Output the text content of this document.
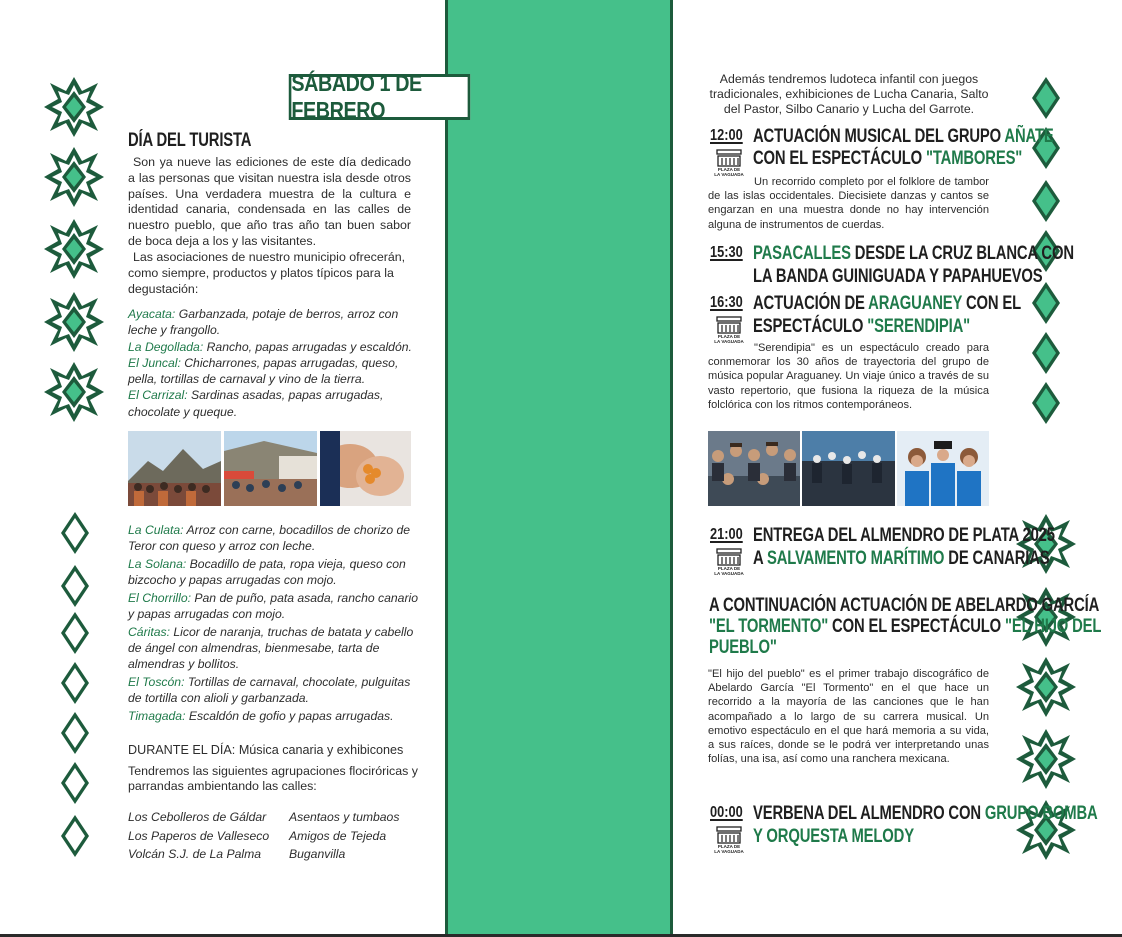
SÁBADO 1 DE FEBRERO
DÍA DEL TURISTA
Son ya nueve las ediciones de este día dedicado a las personas que visitan nuestra isla desde otros países. Una verdadera muestra de la cultura e identidad canaria, condensada en las calles de nuestro pueblo, que año tras año tan buen sabor de boca deja a los y las visitantes.
Las asociaciones de nuestro municipio ofrecerán, como siempre, productos y platos típicos para la degustación:
Ayacata: Garbanzada, potaje de berros, arroz con leche y frangollo.
La Degollada: Rancho, papas arrugadas y escaldón.
El Juncal: Chicharrones, papas arrugadas, queso, pella, tortillas de carnaval y vino de la tierra.
El Carrizal: Sardinas asadas, papas arrugadas, chocolate y queque.
La Culata: Arroz con carne, bocadillos de chorizo de Teror con queso y arroz con leche.
La Solana: Bocadillo de pata, ropa vieja, queso con bizcocho y papas arrugadas con mojo.
El Chorrillo: Pan de puño, pata asada, rancho canario y papas arrugadas con mojo.
Cáritas: Licor de naranja, truchas de batata y cabello de ángel con almendras, bienmesabe, tarta de almendras y bollitos.
El Toscón: Tortillas de carnaval, chocolate, pulguitas de tortilla con alioli y garbanzada.
Timagada: Escaldón de gofio y papas arrugadas.
DURANTE EL DÍA: Música canaria y exhibicones
Tendremos las siguientes agrupaciones flociróricas y parrandas ambientando las calles:
Los Cebolleros de Gáldar
Los Paperos de Valleseco
Volcán S.J. de La Palma
Asentaos y tumbaos
Amigos de Tejeda
Buganvilla
Además tendremos ludoteca infantil con juegos tradicionales, exhibiciones de Lucha Canaria, Salto del Pastor, Silbo Canario y Lucha del Garrote.
12:00
PLAZA DE
LA VAGUADA
ACTUACIÓN MUSICAL DEL GRUPO AÑATE
CON EL ESPECTÁCULO "TAMBORES"
Un recorrido completo por el folklore de tambor de las islas occidentales. Diecisiete danzas y cantos se engarzan en una muestra donde no hay intervención alguna de instrumentos de cuerdas.
15:30 PASACALLES DESDE LA CRUZ BLANCA CON
LA BANDA GUINIGUADA Y PAPAHUEVOS
16:30
PLAZA DE
LA VAGUADA
ACTUACIÓN DE ARAGUANEY CON EL
ESPECTÁCULO "SERENDIPIA"
"Serendipia" es un espectáculo creado para conmemorar los 30 años de trayectoria del grupo de música popular Araguaney. Un viaje único a través de su vasto repertorio, que fusiona la riqueza de la música folclórica con los ritmos contemporáneos.
21:00
PLAZA DE
LA VAGUADA
ENTREGA DEL ALMENDRO DE PLATA 2025
A SALVAMENTO MARÍTIMO DE CANARIAS
A CONTINUACIÓN ACTUACIÓN DE ABELARDO GARCÍA
"EL TORMENTO" CON EL ESPECTÁCULO "EL HIJO DEL
PUEBLO"
"El hijo del pueblo" es el primer trabajo discográfico de Abelardo García "El Tormento" en el que hace un recorrido a la mayoría de las canciones que le han acompañado a lo largo de su carrera musical. Un emotivo espectáculo en el que hará memoria a su vida, a sus raíces, donde se le podrá ver interpretando unas folías, una isa, así como una ranchera mexicana.
00:00
PLAZA DE
LA VAGUADA
VERBENA DEL ALMENDRO CON GRUPO BOMBA
Y ORQUESTA MELODY
